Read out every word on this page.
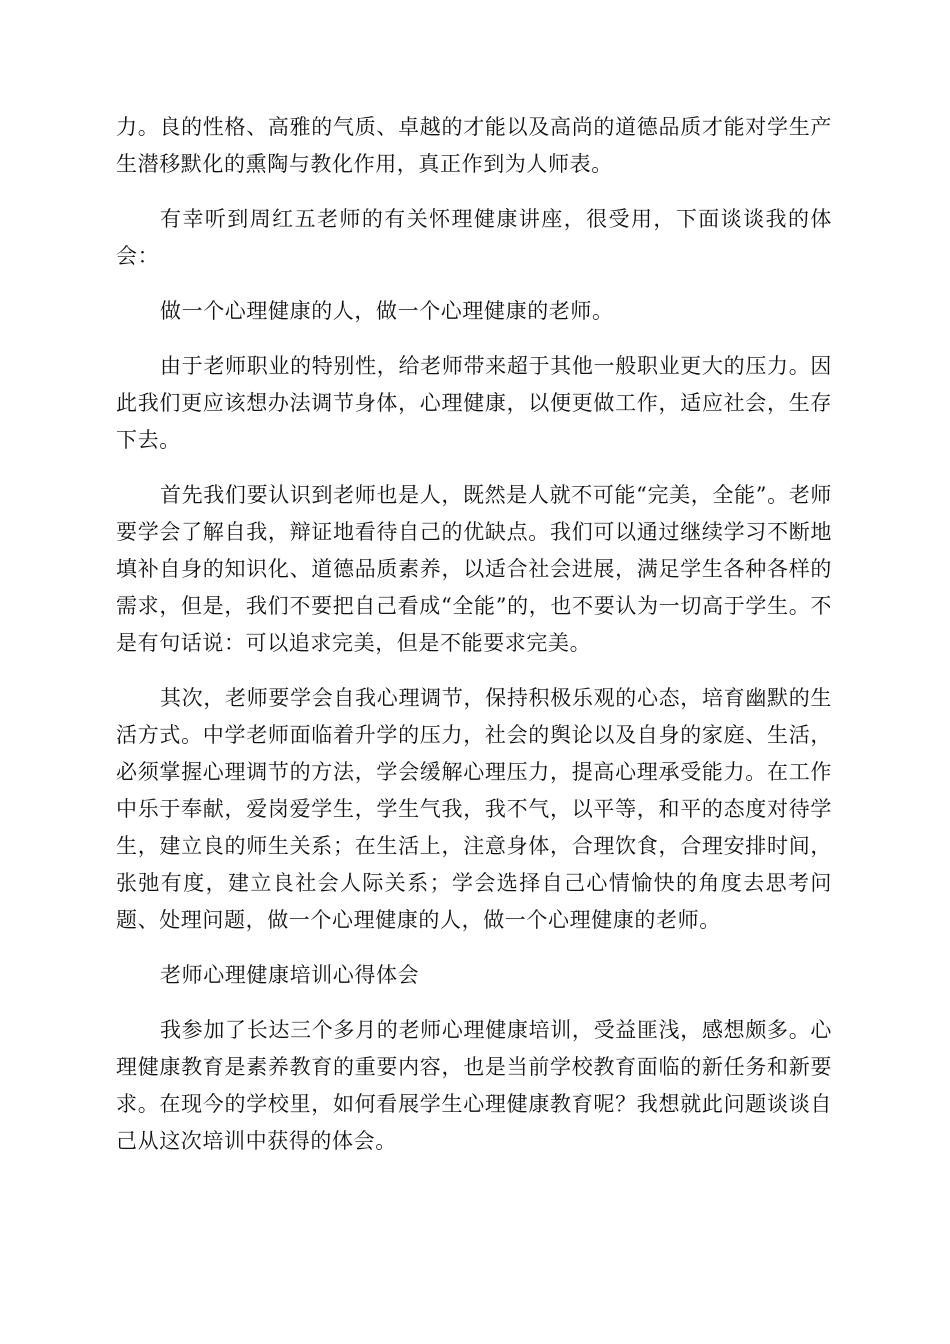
力。良的性格、高雅的气质、卓越的才能以及高尚的道德品质才能对学生产生潜移默化的熏陶与教化作用，真正作到为人师表。

有幸听到周红五老师的有关怀理健康讲座，很受用，下面谈谈我的体会：

做一个心理健康的人，做一个心理健康的老师。

由于老师职业的特别性，给老师带来超于其他一般职业更大的压力。因此我们更应该想办法调节身体，心理健康，以便更做工作，适应社会，生存下去。

首先我们要认识到老师也是人，既然是人就不可能“完美，全能”。老师要学会了解自我，辩证地看待自己的优缺点。我们可以通过继续学习不断地填补自身的知识化、道德品质素养，以适合社会进展，满足学生各种各样的需求，但是，我们不要把自己看成“全能”的，也不要认为一切高于学生。不是有句话说：可以追求完美，但是不能要求完美。

其次，老师要学会自我心理调节，保持积极乐观的心态，培育幽默的生活方式。中学老师面临着升学的压力，社会的舆论以及自身的家庭、生活，必须掌握心理调节的方法，学会缓解心理压力，提高心理承受能力。在工作中乐于奉献，爱岗爱学生，学生气我，我不气，以平等，和平的态度对待学生，建立良的师生关系；在生活上，注意身体，合理饮食，合理安排时间，张弛有度，建立良社会人际关系；学会选择自己心情愉快的角度去思考问题、处理问题，做一个心理健康的人，做一个心理健康的老师。

老师心理健康培训心得体会

我参加了长达三个多月的老师心理健康培训，受益匪浅，感想颇多。心理健康教育是素养教育的重要内容，也是当前学校教育面临的新任务和新要求。在现今的学校里，如何看展学生心理健康教育呢？我想就此问题谈谈自己从这次培训中获得的体会。
